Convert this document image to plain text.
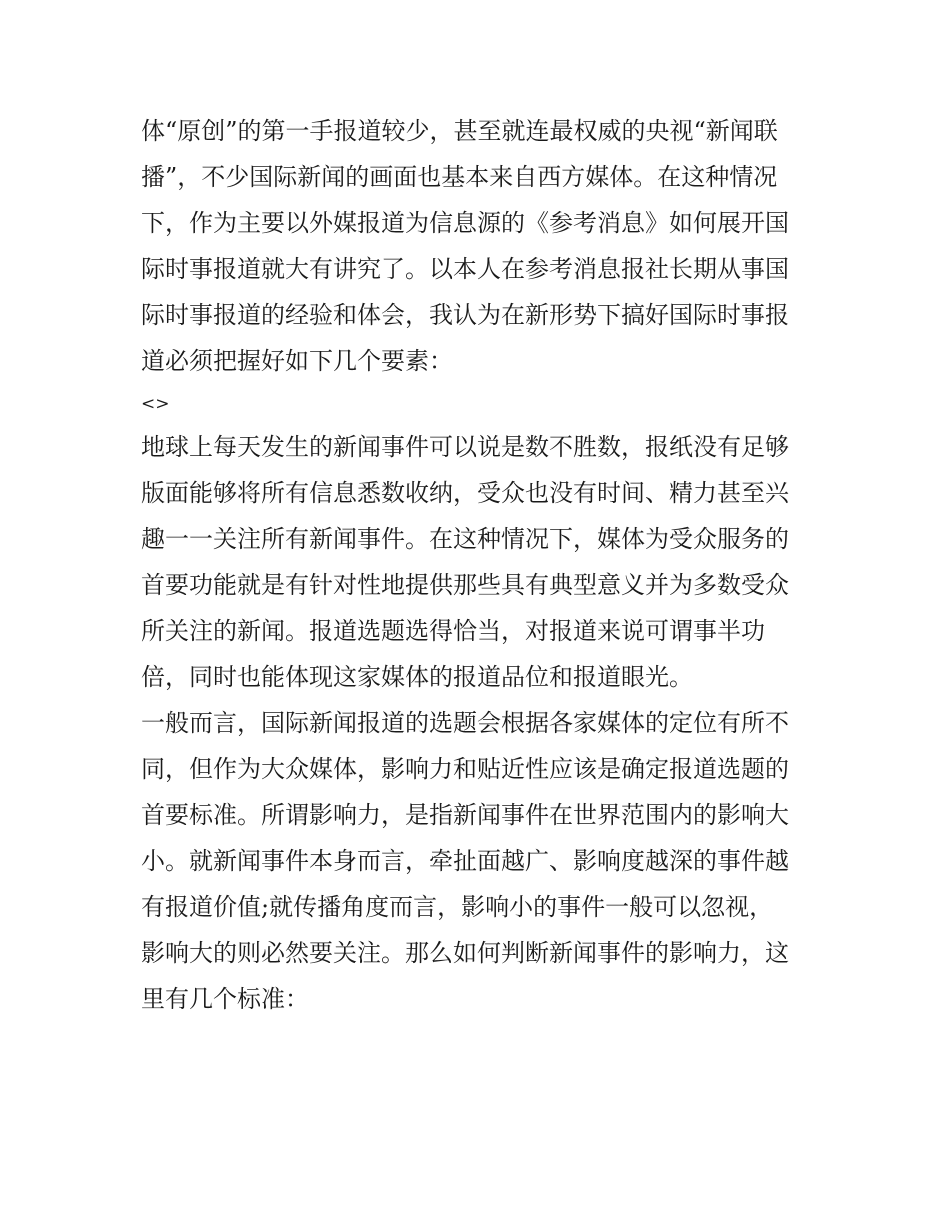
体“原创”的第一手报道较少，甚至就连最权威的央视“新闻联
播”，不少国际新闻的画面也基本来自西方媒体。在这种情况
下，作为主要以外媒报道为信息源的《参考消息》如何展开国
际时事报道就大有讲究了。以本人在参考消息报社长期从事国
际时事报道的经验和体会，我认为在新形势下搞好国际时事报
道必须把握好如下几个要素：
<>
地球上每天发生的新闻事件可以说是数不胜数，报纸没有足够
版面能够将所有信息悉数收纳，受众也没有时间、精力甚至兴
趣一一关注所有新闻事件。在这种情况下，媒体为受众服务的
首要功能就是有针对性地提供那些具有典型意义并为多数受众
所关注的新闻。报道选题选得恰当，对报道来说可谓事半功
倍，同时也能体现这家媒体的报道品位和报道眼光。
一般而言，国际新闻报道的选题会根据各家媒体的定位有所不
同，但作为大众媒体，影响力和贴近性应该是确定报道选题的
首要标准。所谓影响力，是指新闻事件在世界范围内的影响大
小。就新闻事件本身而言，牵扯面越广、影响度越深的事件越
有报道价值;就传播角度而言，影响小的事件一般可以忽视，
影响大的则必然要关注。那么如何判断新闻事件的影响力，这
里有几个标准：
